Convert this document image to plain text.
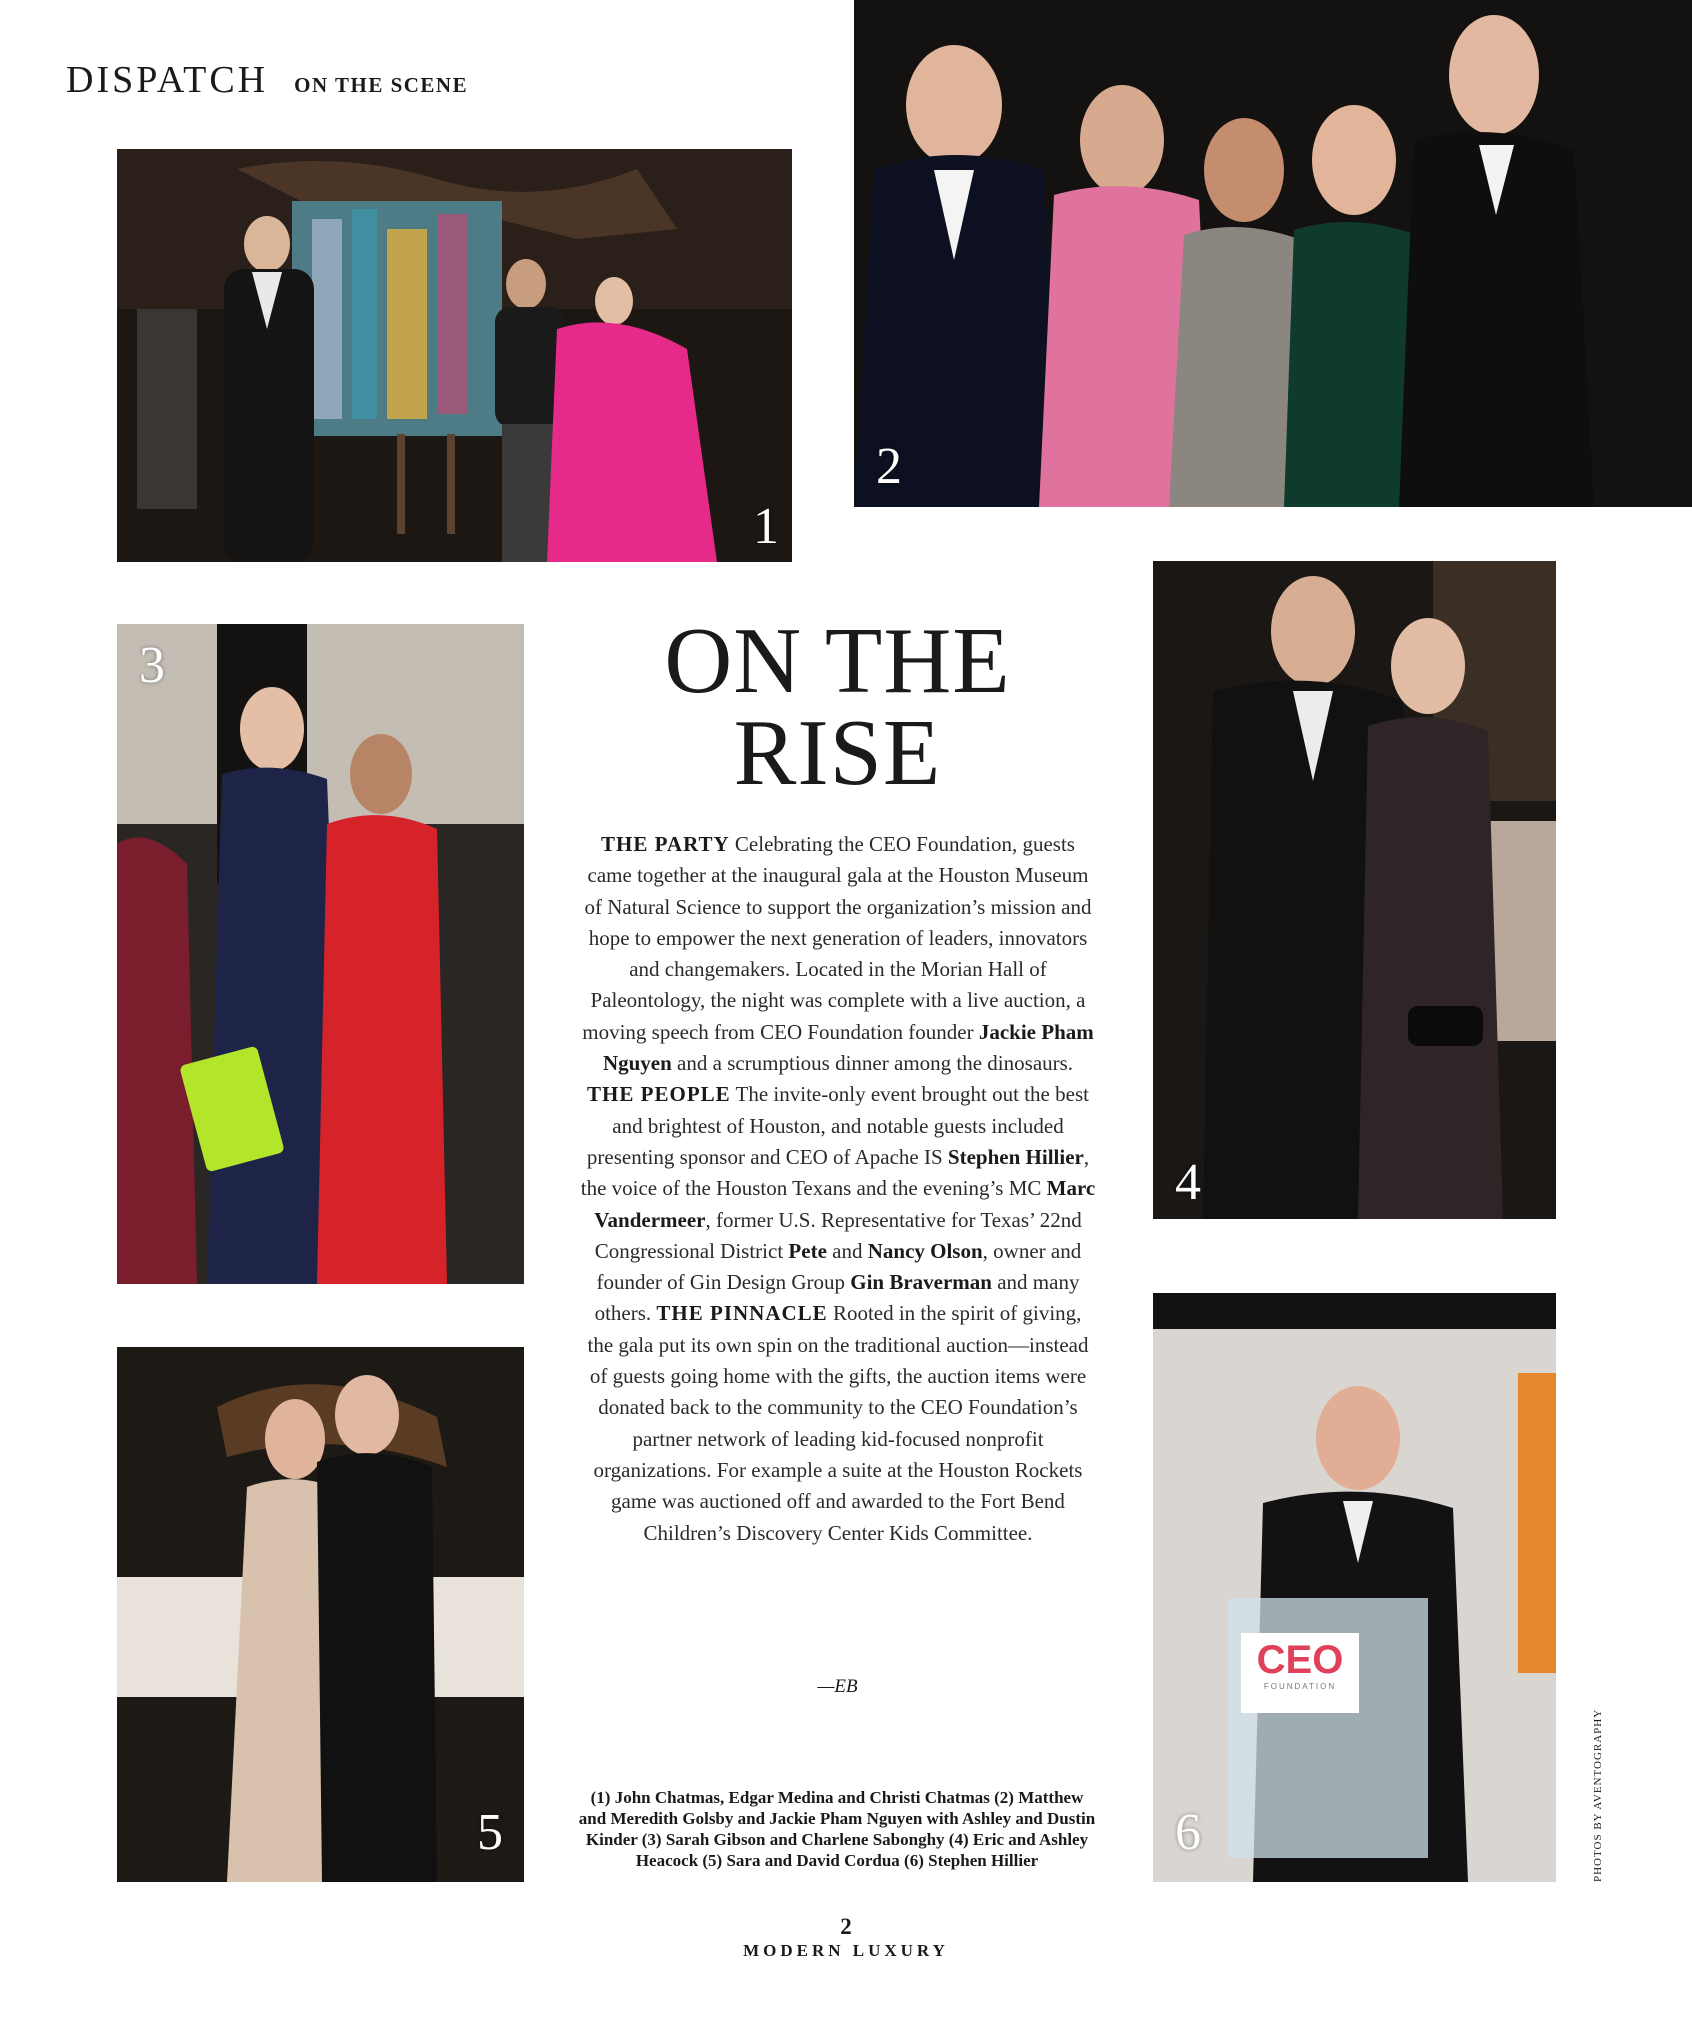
DISPATCH ON THE SCENE
1
2
3
4
5
CEO
FOUNDATION
6
ON THE
RISE
THE PARTY Celebrating the CEO Foundation, guests came together at the inaugural gala at the Houston Museum of Natural Science to support the organization’s mission and hope to empower the next generation of leaders, innovators and changemakers. Located in the Morian Hall of Paleontology, the night was complete with a live auction, a moving speech from CEO Foundation founder Jackie Pham Nguyen and a scrumptious dinner among the dinosaurs. THE PEOPLE The invite-only event brought out the best and brightest of Houston, and notable guests included presenting sponsor and CEO of Apache IS Stephen Hillier, the voice of the Houston Texans and the evening’s MC Marc Vandermeer, former U.S. Representative for Texas’ 22nd Congressional District Pete and Nancy Olson, owner and founder of Gin Design Group Gin Braverman and many others. THE PINNACLE Rooted in the spirit of giving, the gala put its own spin on the traditional auction—instead of guests going home with the gifts, the auction items were donated back to the community to the CEO Foundation’s partner network of leading kid-focused nonprofit organizations. For example a suite at the Houston Rockets game was auctioned off and awarded to the Fort Bend Children’s Discovery Center Kids Committee.
—EB
(1) John Chatmas, Edgar Medina and Christi Chatmas (2) Matthew and Meredith Golsby and Jackie Pham Nguyen with Ashley and Dustin Kinder (3) Sarah Gibson and Charlene Sabonghy (4) Eric and Ashley Heacock (5) Sara and David Cordua (6) Stephen Hillier	PHOTOS BY AVENTOGRAPHY
2
MODERN LUXURY
